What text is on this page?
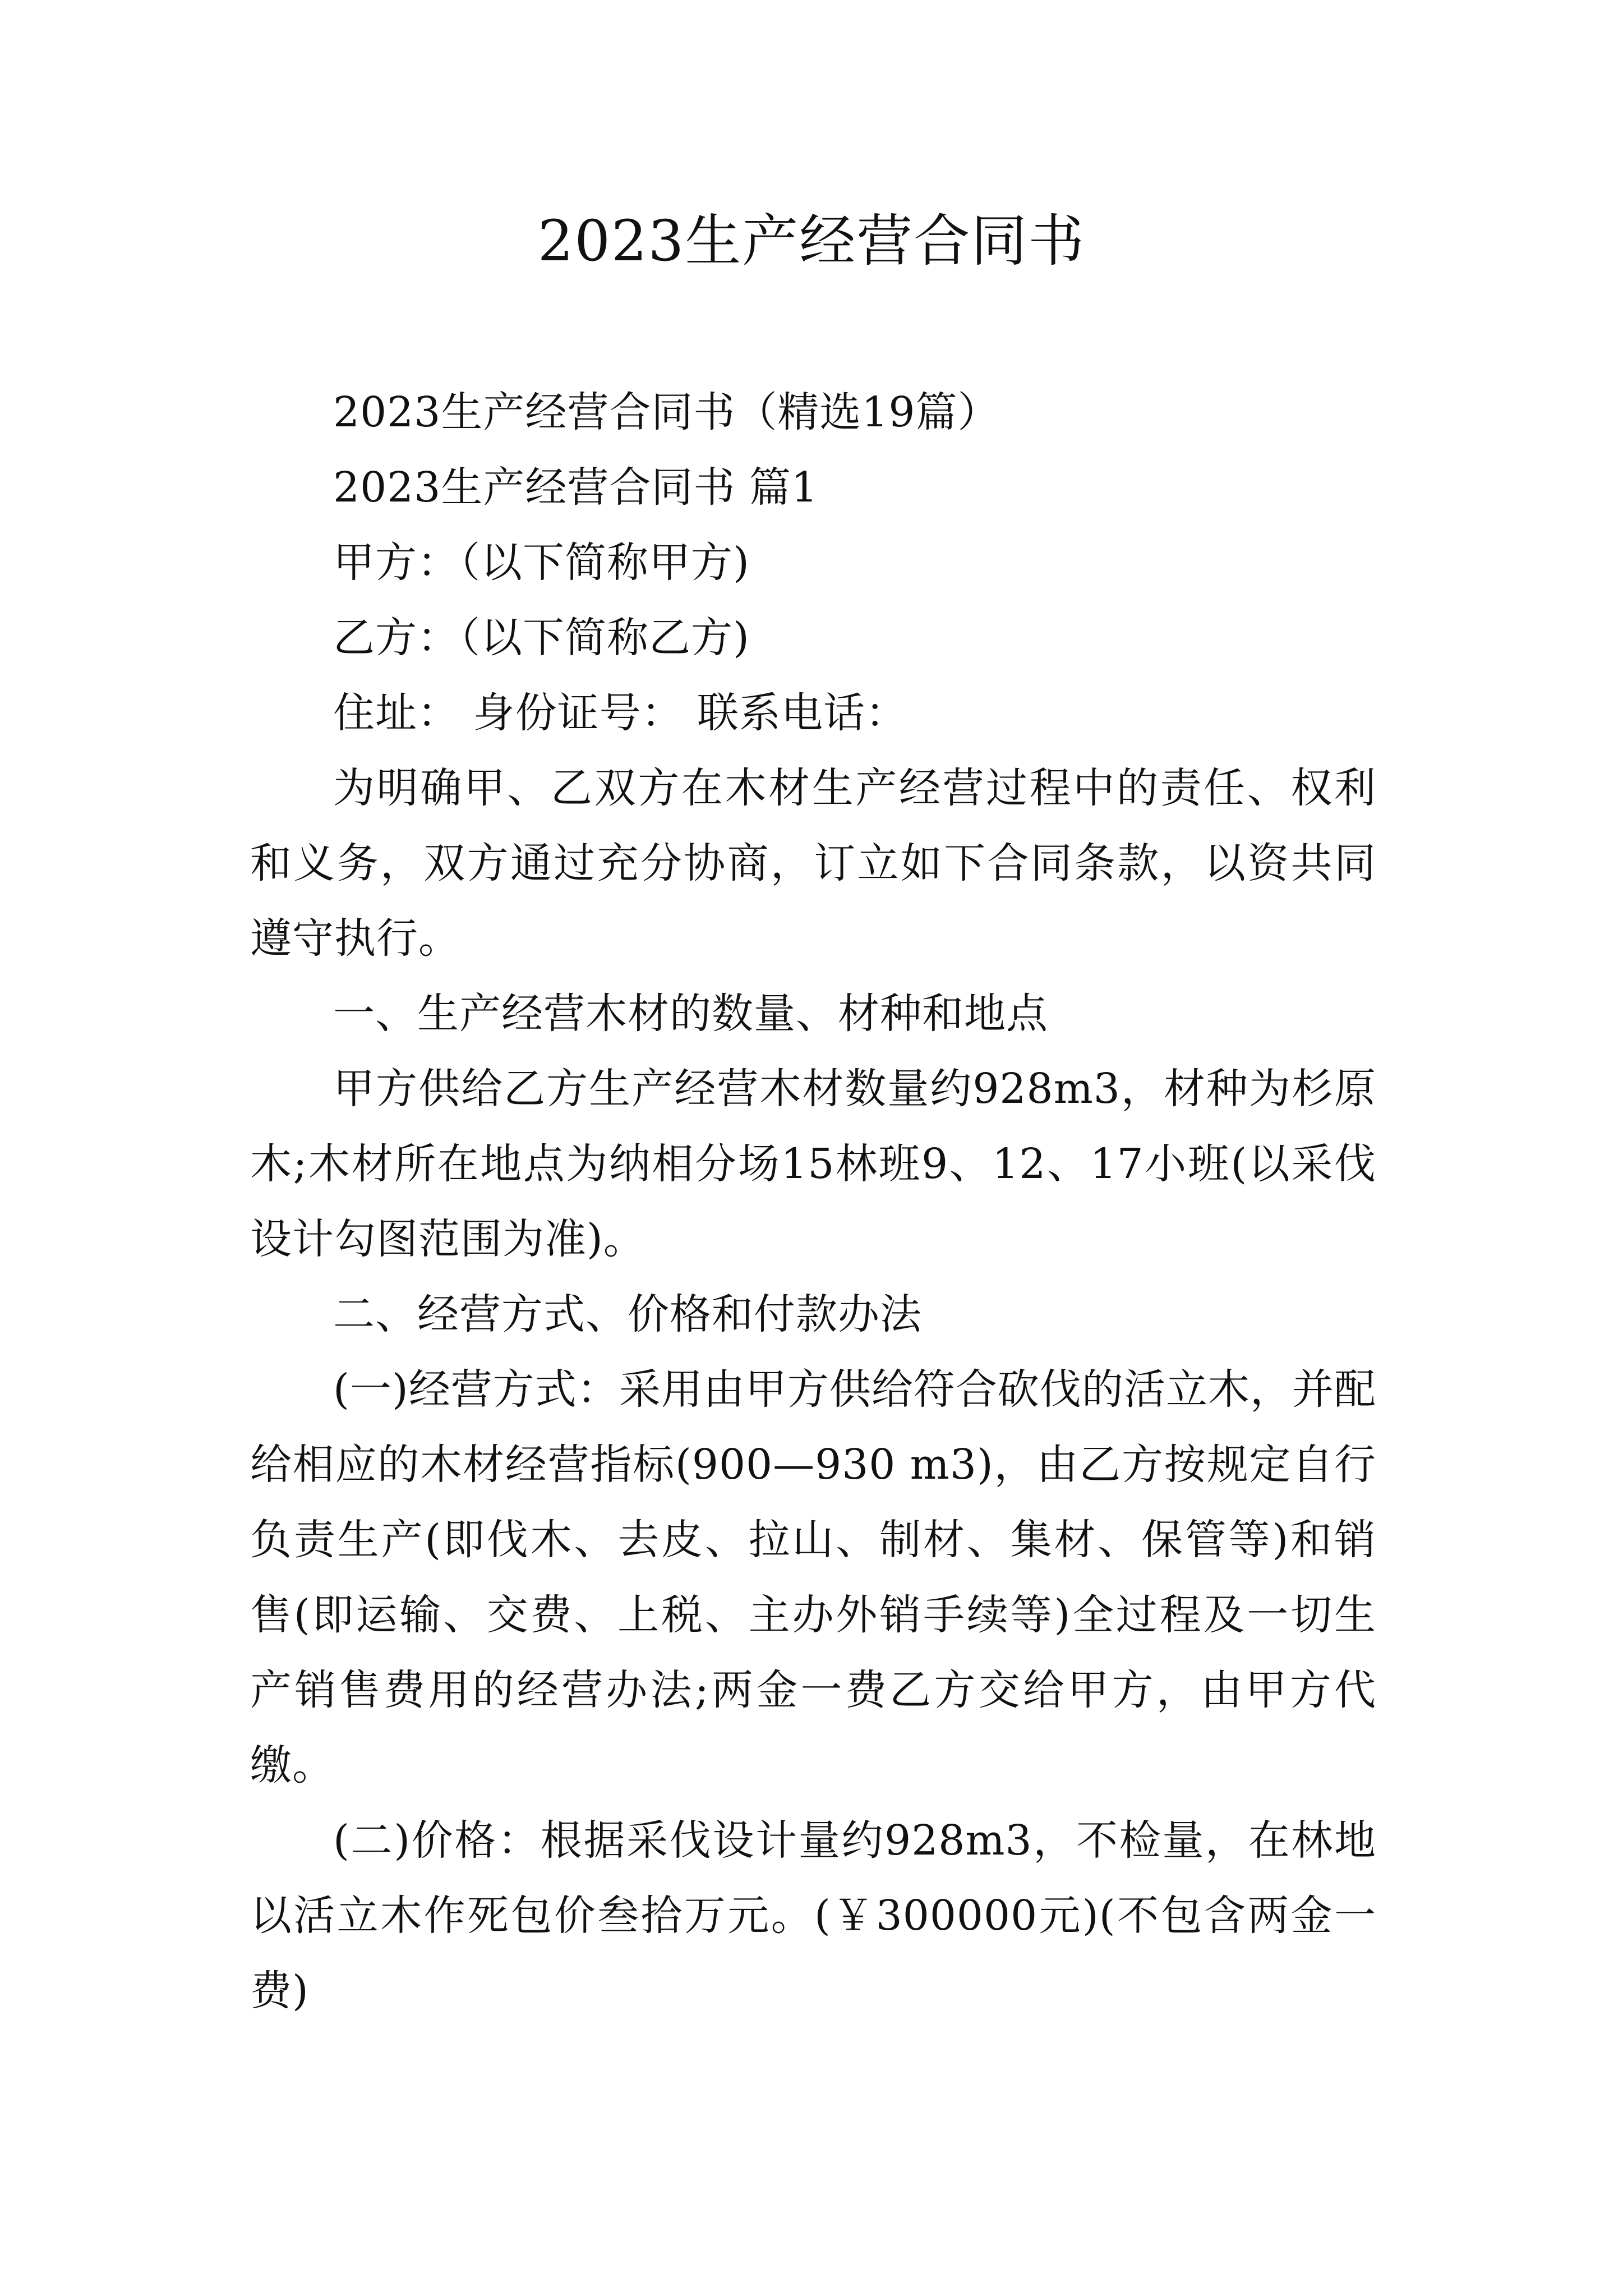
2023生产经营合同书

2023生产经营合同书（精选19篇）

2023生产经营合同书 篇1

甲方：（以下简称甲方)

乙方：（以下简称乙方)

住址： 身份证号： 联系电话：

为明确甲、乙双方在木材生产经营过程中的责任、权利和义务，双方通过充分协商，订立如下合同条款，以资共同遵守执行。

一、生产经营木材的数量、材种和地点

甲方供给乙方生产经营木材数量约928m3，材种为杉原木;木材所在地点为纳相分场15林班9、12、17小班(以采伐设计勾图范围为准)。

二、经营方式、价格和付款办法

(一)经营方式：采用由甲方供给符合砍伐的活立木，并配给相应的木材经营指标(900—930 m3)，由乙方按规定自行负责生产(即伐木、去皮、拉山、制材、集材、保管等)和销售(即运输、交费、上税、主办外销手续等)全过程及一切生产销售费用的经营办法;两金一费乙方交给甲方，由甲方代缴。

(二)价格：根据采伐设计量约928m3，不检量，在林地以活立木作死包价叁拾万元。(￥300000元)(不包含两金一费)
